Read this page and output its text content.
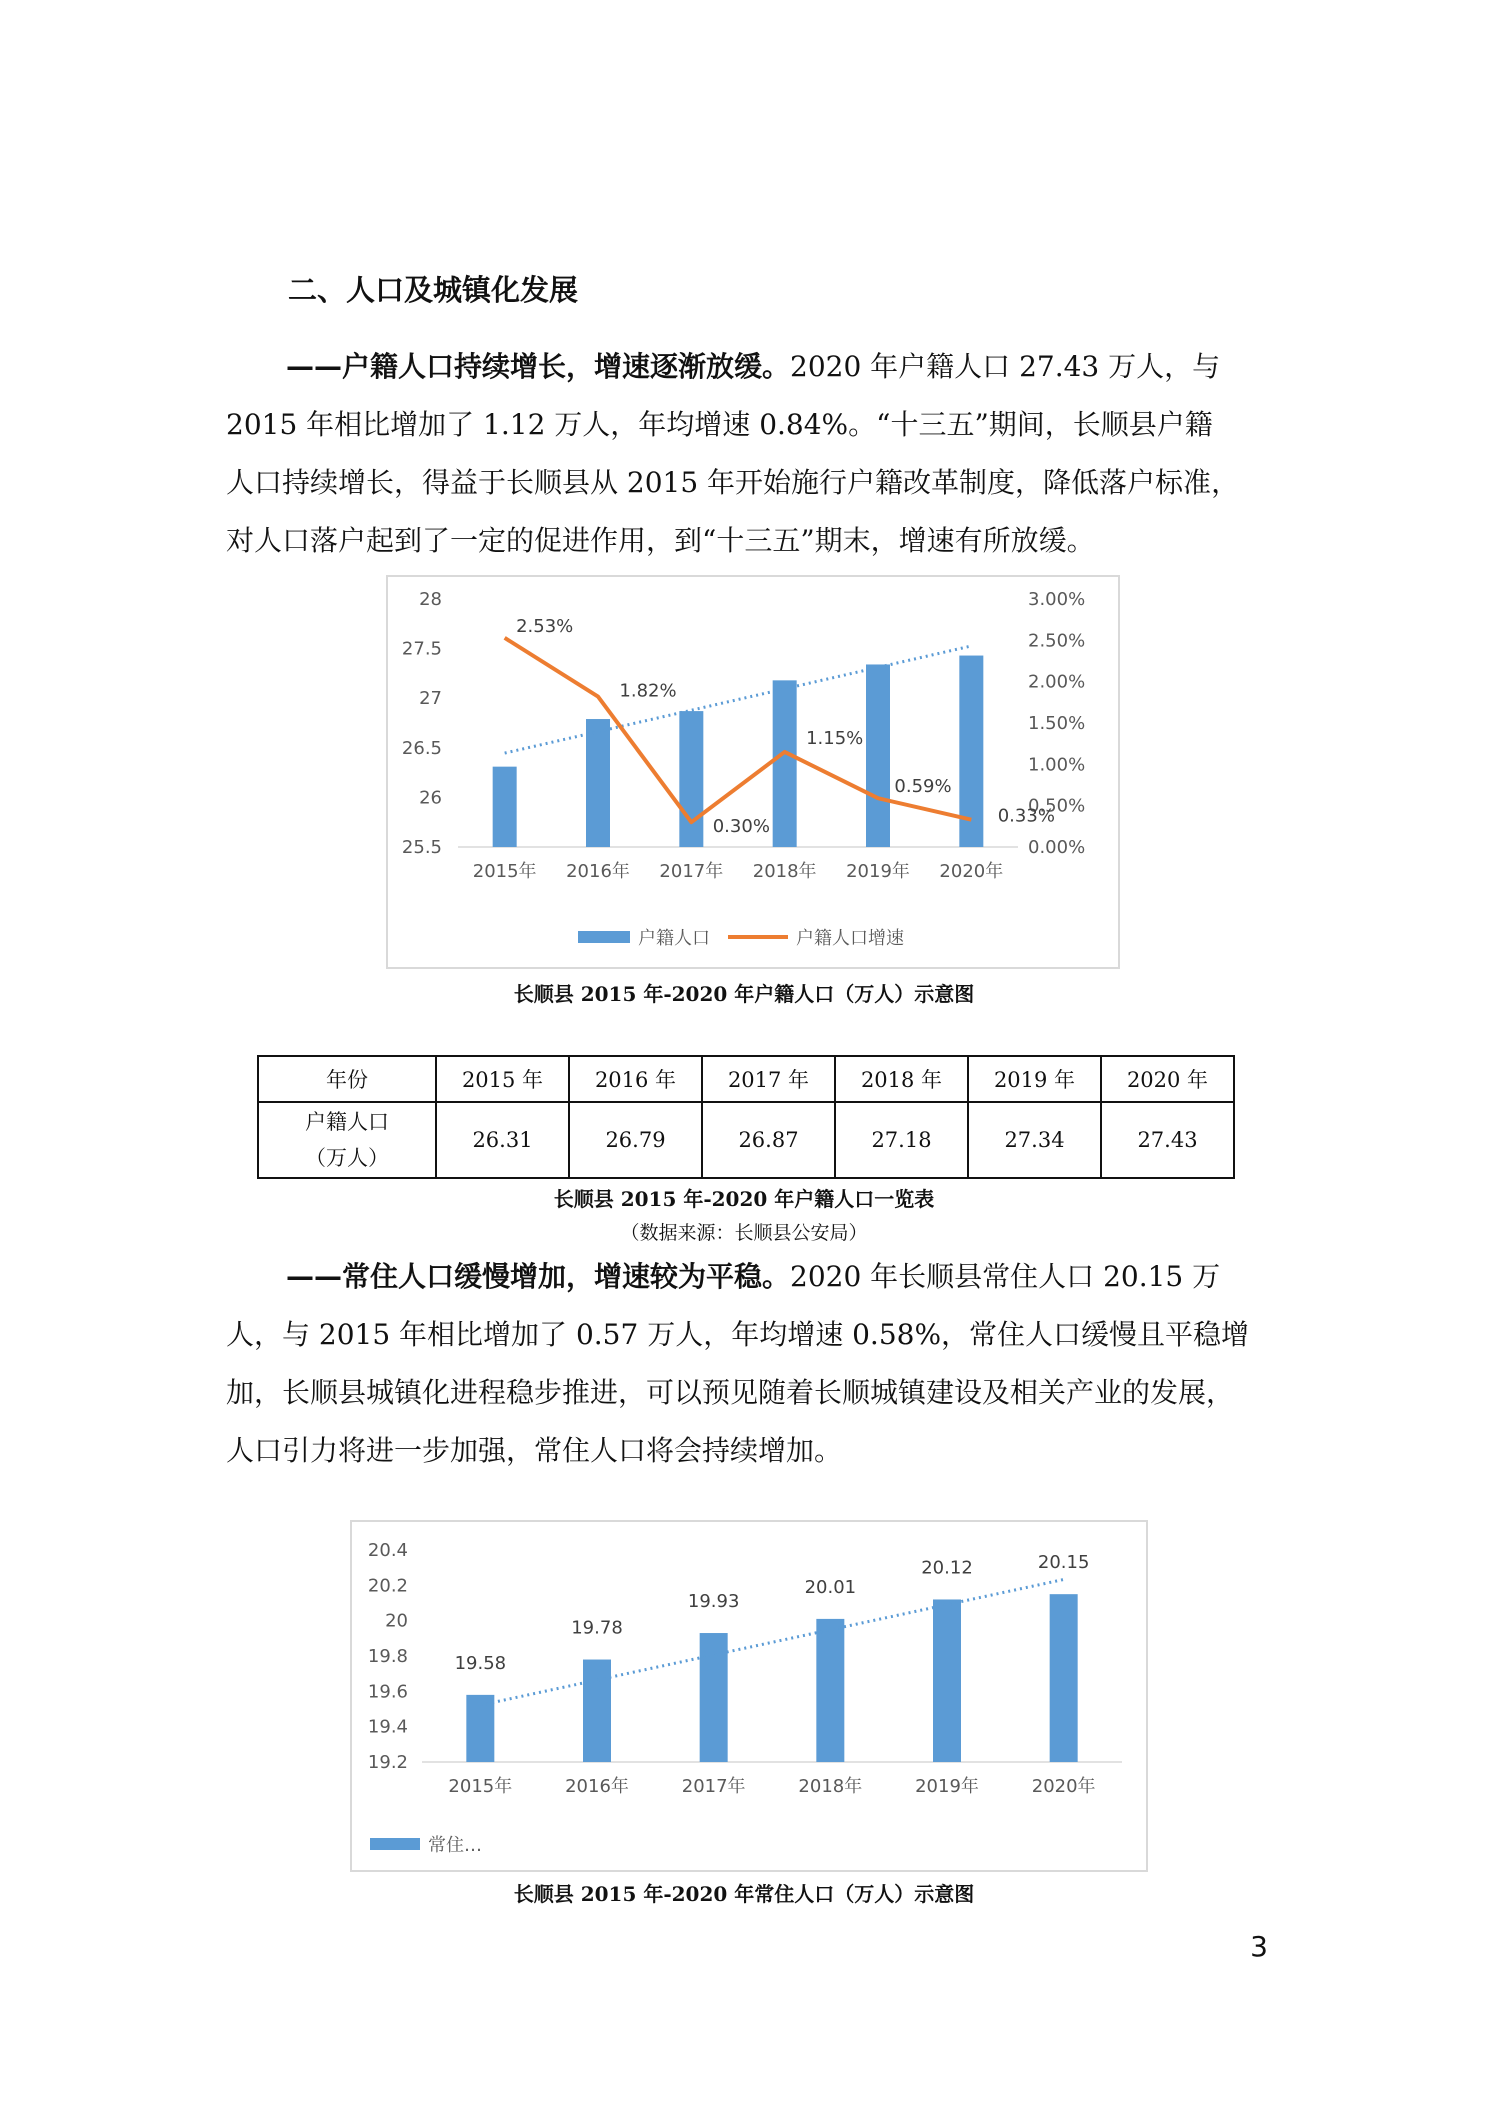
二、人口及城镇化发展
——户籍人口持续增长，增速逐渐放缓。2020 年户籍人口 27.43 万人，与
2015 年相比增加了 1.12 万人，年均增速 0.84%。“十三五”期间，长顺县户籍
人口持续增长，得益于长顺县从 2015 年开始施行户籍改革制度，降低落户标准，
对人口落户起到了一定的促进作用，到“十三五”期末，增速有所放缓。
25.5
26
26.5
27
27.5
28
0.00%
0.50%
1.00%
1.50%
2.00%
2.50%
3.00%
2015年 2016年 2017年 2018年 2019年 2020年
2.53%
1.82%
0.30%
1.15%
0.59%
0.33%
户籍人口	户籍人口增速
长顺县 2015 年-2020 年户籍人口（万人）示意图
年份	2015 年	2016 年	2017 年	2018 年	2019 年	2020 年

户籍人口
（万人）	26.31	26.79	26.87	27.18	27.34	27.43
长顺县 2015 年-2020 年户籍人口一览表
（数据来源：长顺县公安局）
——常住人口缓慢增加，增速较为平稳。2020 年长顺县常住人口 20.15 万
人，与 2015 年相比增加了 0.57 万人，年均增速 0.58%，常住人口缓慢且平稳增
加，长顺县城镇化进程稳步推进，可以预见随着长顺城镇建设及相关产业的发展，
人口引力将进一步加强，常住人口将会持续增加。
19.2
19.4
19.6
19.8
20
20.2
20.4
19.58
19.78
19.93
20.01
20.12	20.15
2015年	2016年	2017年	2018年	2019年	2020年
常住…
长顺县 2015 年-2020 年常住人口（万人）示意图
3
